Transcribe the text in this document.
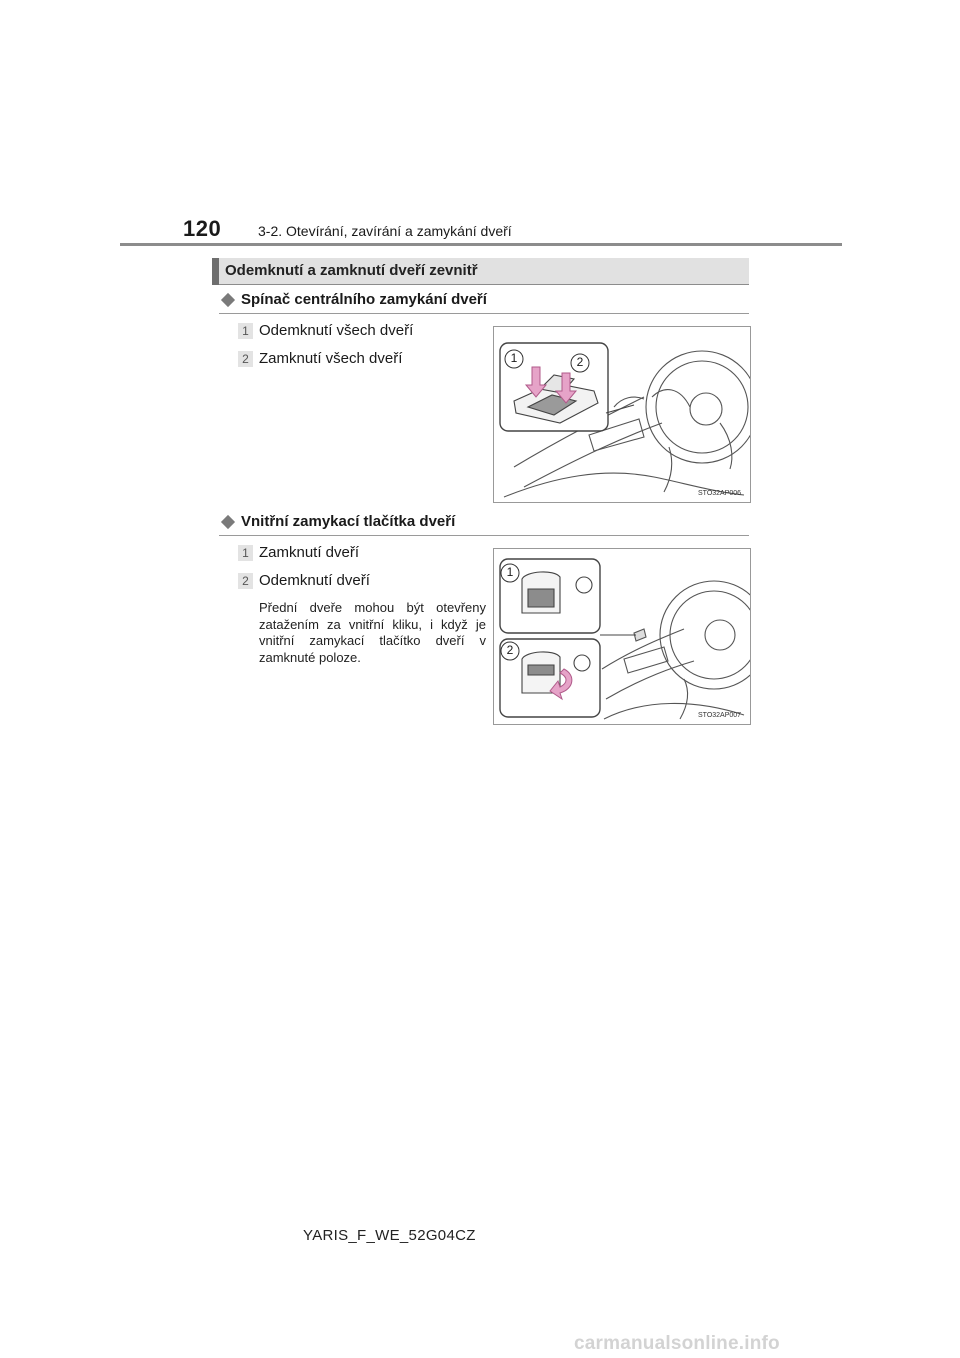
120	3-2. Otevírání, zavírání a zamykání dveří
Odemknutí a zamknutí dveří zevnitř
Spínač centrálního zamykání dveří
1 Odemknutí všech dveří
2 Zamknutí všech dveří	1	2
STO32AP006
Vnitřní zamykací tlačítka dveří
1 Zamknutí dveří
2 Odemknutí dveří
Přední dveře mohou být otevřeny zatažením za vnitřní kliku, i když je vnitřní zamykací tlačítko dveří v zamknuté poloze.
1
2
STO32AP007
YARIS_F_WE_52G04CZ
carmanualsonline.info
